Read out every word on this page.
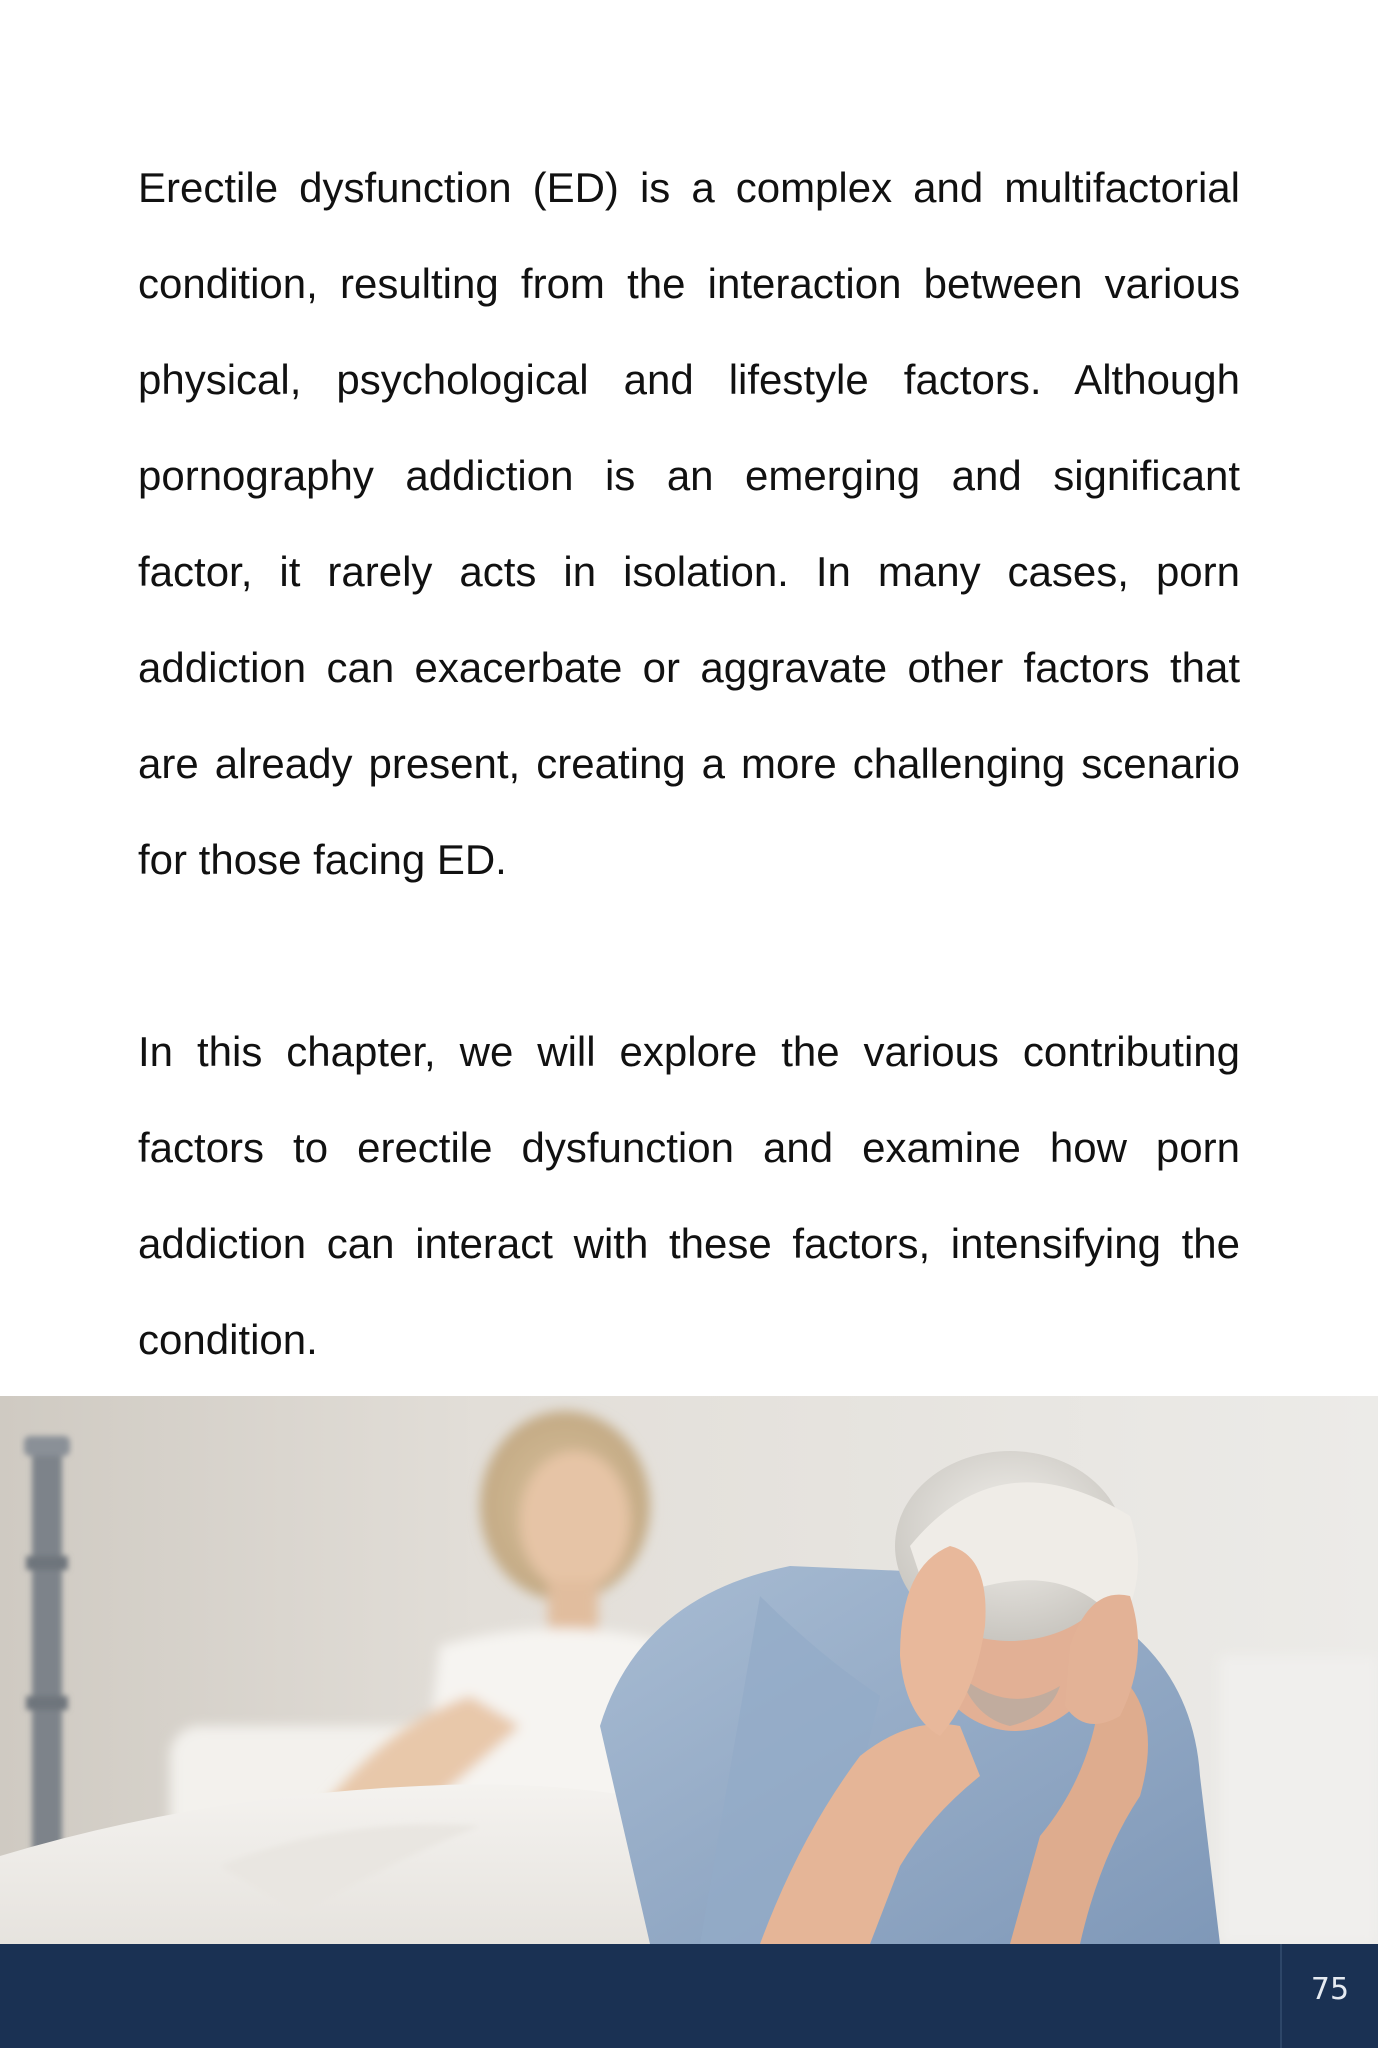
Erectile dysfunction (ED) is a complex and multifactorial condition, resulting from the interaction between various physical, psychological and lifestyle factors. Although pornography addiction is an emerging and significant factor, it rarely acts in isolation. In many cases, porn addiction can exacerbate or aggravate other factors that are already present, creating a more challenging scenario for those facing ED.

In this chapter, we will explore the various contributing factors to erectile dysfunction and examine how porn addiction can interact with these factors, intensifying the condition.

75
